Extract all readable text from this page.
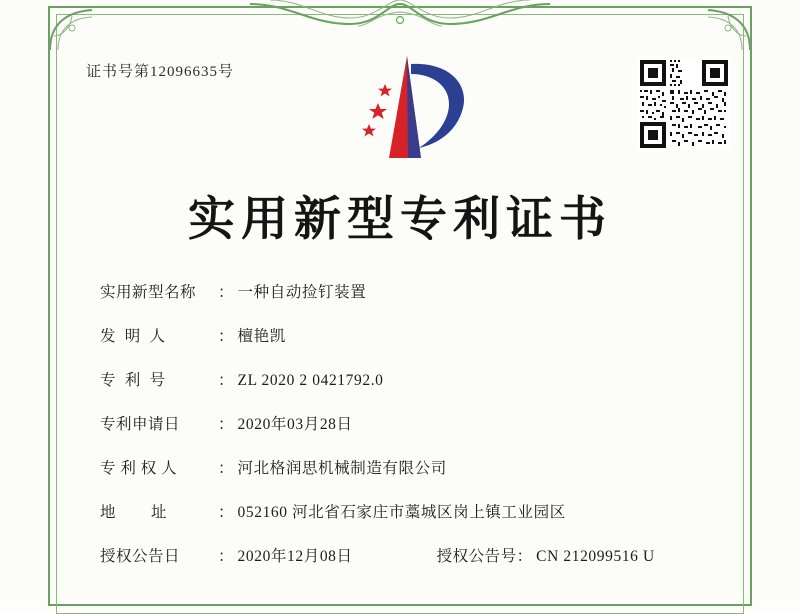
证书号第12096635号
实用新型专利证书
实用新型名称	： 一种自动捡钉装置
发  明  人	： 檀艳凯
专  利  号	： ZL 2020 2 0421792.0
专利申请日	： 2020年03月28日
专 利 权 人	： 河北格润思机械制造有限公司
地        址	： 052160 河北省石家庄市藁城区岗上镇工业园区
授权公告日	： 2020年12月08日	授权公告号 ： CN 212099516 U
